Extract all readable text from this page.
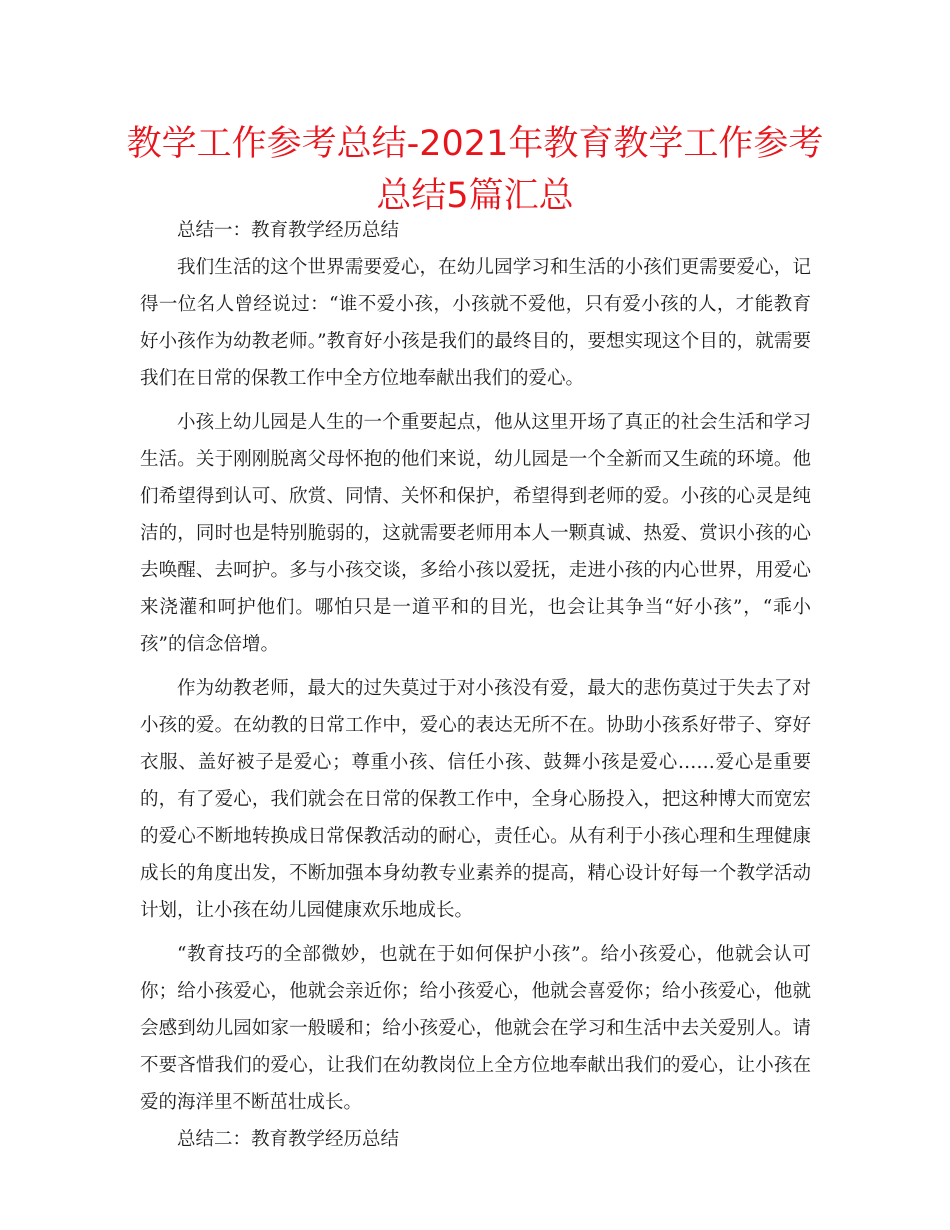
教学工作参考总结-2021年教育教学工作参考总结5篇汇总

总结一：教育教学经历总结

我们生活的这个世界需要爱心，在幼儿园学习和生活的小孩们更需要爱心，记得一位名人曾经说过：“谁不爱小孩，小孩就不爱他，只有爱小孩的人，才能教育好小孩作为幼教老师。”教育好小孩是我们的最终目的，要想实现这个目的，就需要我们在日常的保教工作中全方位地奉献出我们的爱心。

小孩上幼儿园是人生的一个重要起点，他从这里开场了真正的社会生活和学习生活。关于刚刚脱离父母怀抱的他们来说，幼儿园是一个全新而又生疏的环境。他们希望得到认可、欣赏、同情、关怀和保护，希望得到老师的爱。小孩的心灵是纯洁的，同时也是特别脆弱的，这就需要老师用本人一颗真诚、热爱、赏识小孩的心去唤醒、去呵护。多与小孩交谈，多给小孩以爱抚，走进小孩的内心世界，用爱心来浇灌和呵护他们。哪怕只是一道平和的目光，也会让其争当“好小孩”，“乖小孩”的信念倍增。

作为幼教老师，最大的过失莫过于对小孩没有爱，最大的悲伤莫过于失去了对小孩的爱。在幼教的日常工作中，爱心的表达无所不在。协助小孩系好带子、穿好衣服、盖好被子是爱心；尊重小孩、信任小孩、鼓舞小孩是爱心……爱心是重要的，有了爱心，我们就会在日常的保教工作中，全身心肠投入，把这种博大而宽宏的爱心不断地转换成日常保教活动的耐心，责任心。从有利于小孩心理和生理健康成长的角度出发，不断加强本身幼教专业素养的提高，精心设计好每一个教学活动计划，让小孩在幼儿园健康欢乐地成长。

“教育技巧的全部微妙，也就在于如何保护小孩”。给小孩爱心，他就会认可你；给小孩爱心，他就会亲近你；给小孩爱心，他就会喜爱你；给小孩爱心，他就会感到幼儿园如家一般暖和；给小孩爱心，他就会在学习和生活中去关爱别人。请不要吝惜我们的爱心，让我们在幼教岗位上全方位地奉献出我们的爱心，让小孩在爱的海洋里不断茁壮成长。

总结二：教育教学经历总结
